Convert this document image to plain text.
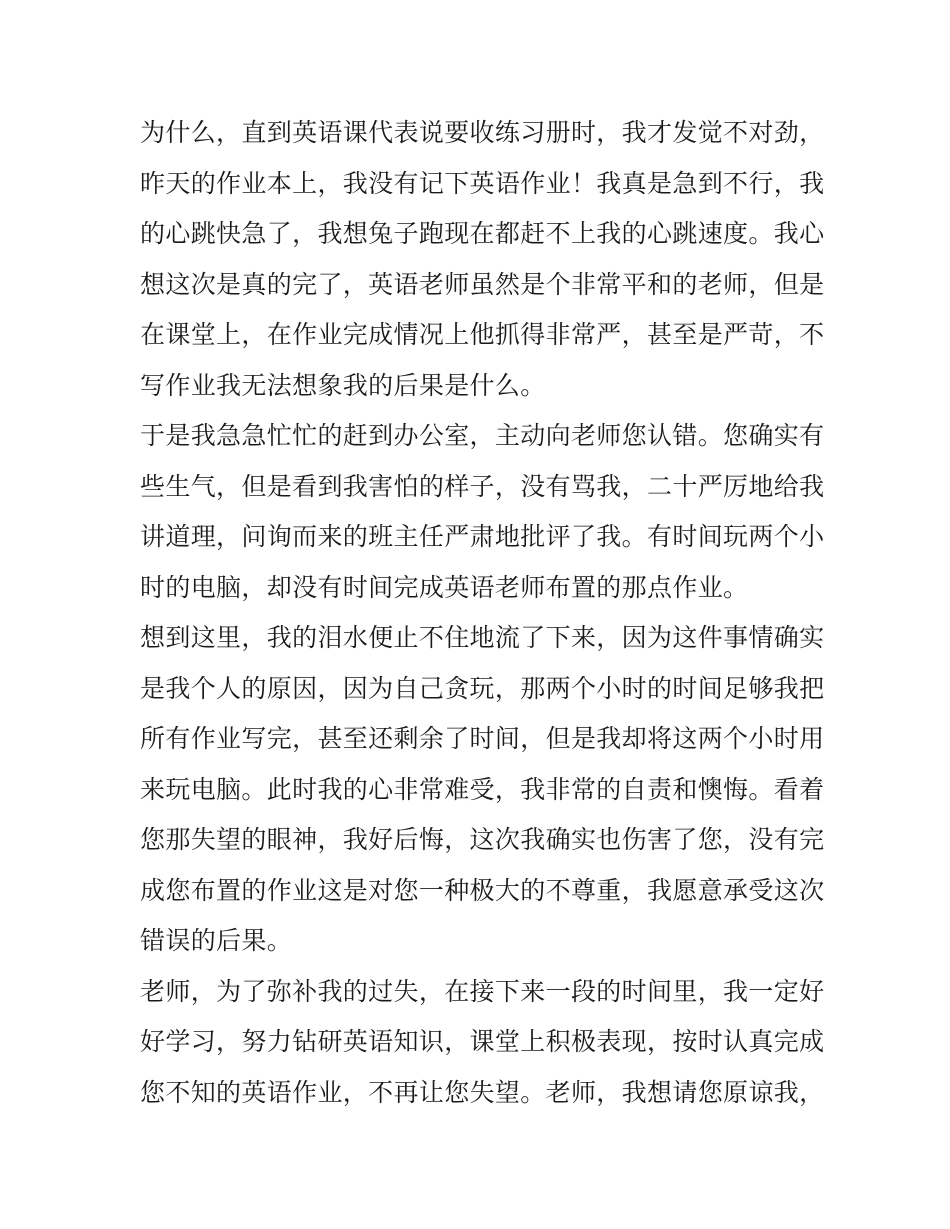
为什么，直到英语课代表说要收练习册时，我才发觉不对劲，
昨天的作业本上，我没有记下英语作业！我真是急到不行，我
的心跳快急了，我想兔子跑现在都赶不上我的心跳速度。我心
想这次是真的完了，英语老师虽然是个非常平和的老师，但是
在课堂上，在作业完成情况上他抓得非常严，甚至是严苛，不
写作业我无法想象我的后果是什么。
于是我急急忙忙的赶到办公室，主动向老师您认错。您确实有
些生气，但是看到我害怕的样子，没有骂我，二十严厉地给我
讲道理，问询而来的班主任严肃地批评了我。有时间玩两个小
时的电脑，却没有时间完成英语老师布置的那点作业。
想到这里，我的泪水便止不住地流了下来，因为这件事情确实
是我个人的原因，因为自己贪玩，那两个小时的时间足够我把
所有作业写完，甚至还剩余了时间，但是我却将这两个小时用
来玩电脑。此时我的心非常难受，我非常的自责和懊悔。看着
您那失望的眼神，我好后悔，这次我确实也伤害了您，没有完
成您布置的作业这是对您一种极大的不尊重，我愿意承受这次
错误的后果。
老师，为了弥补我的过失，在接下来一段的时间里，我一定好
好学习，努力钻研英语知识，课堂上积极表现，按时认真完成
您不知的英语作业，不再让您失望。老师，我想请您原谅我，
